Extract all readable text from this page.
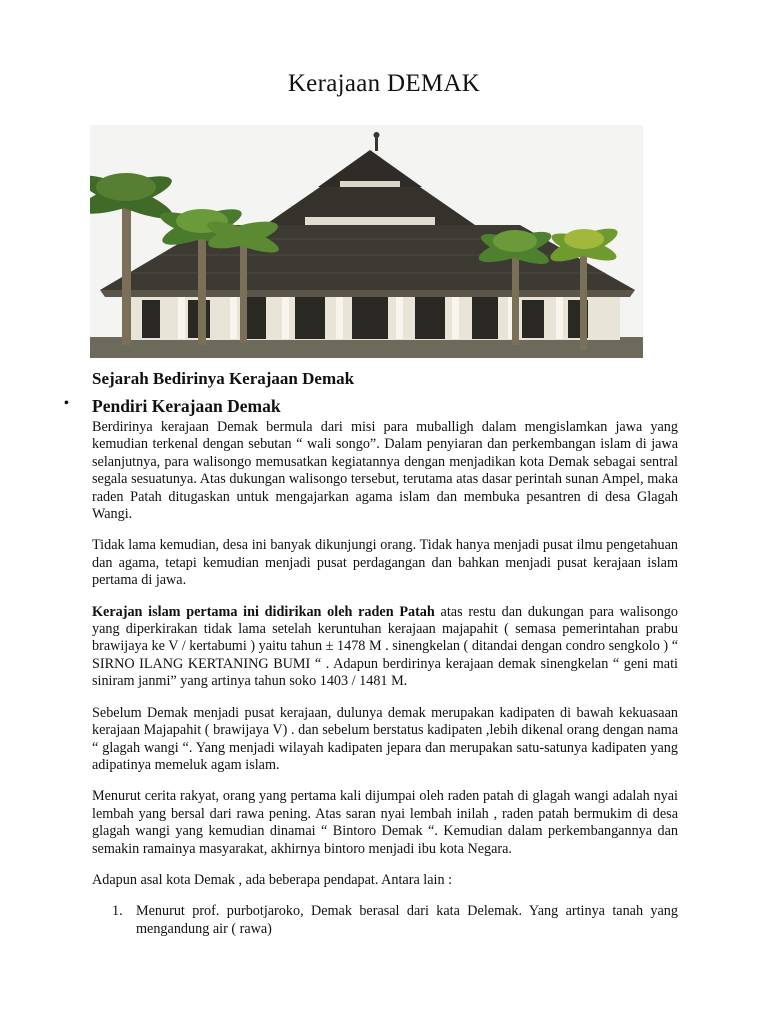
Kerajaan DEMAK
Sejarah Bedirinya Kerajaan Demak
• Pendiri Kerajaan Demak

Berdirinya kerajaan Demak bermula dari misi para muballigh dalam mengislamkan jawa yang kemudian terkenal dengan sebutan “ wali songo”. Dalam penyiaran dan perkembangan islam di jawa selanjutnya, para walisongo memusatkan kegiatannya dengan menjadikan kota Demak sebagai sentral segala sesuatunya. Atas dukungan walisongo tersebut, terutama atas dasar perintah sunan Ampel, maka raden Patah ditugaskan untuk mengajarkan agama islam dan membuka pesantren di desa Glagah Wangi.

Tidak lama kemudian, desa ini banyak dikunjungi orang. Tidak hanya menjadi pusat ilmu pengetahuan dan agama, tetapi kemudian menjadi pusat perdagangan dan bahkan menjadi pusat kerajaan islam pertama di jawa.

Kerajan islam pertama ini didirikan oleh raden Patah atas restu dan dukungan para walisongo yang diperkirakan tidak lama setelah keruntuhan kerajaan majapahit ( semasa pemerintahan prabu brawijaya ke V / kertabumi ) yaitu tahun ± 1478 M . sinengkelan ( ditandai dengan condro sengkolo ) “ SIRNO ILANG KERTANING BUMI “ . Adapun berdirinya kerajaan demak sinengkelan “ geni mati siniram janmi” yang artinya tahun soko 1403 / 1481 M.

Sebelum Demak menjadi pusat kerajaan, dulunya demak merupakan kadipaten di bawah kekuasaan kerajaan Majapahit ( brawijaya V) . dan sebelum berstatus kadipaten ,lebih dikenal orang dengan nama “ glagah wangi “. Yang menjadi wilayah kadipaten jepara dan merupakan satu-satunya kadipaten yang adipatinya memeluk agam islam.

Menurut cerita rakyat, orang yang pertama kali dijumpai oleh raden patah di glagah wangi adalah nyai lembah yang bersal dari rawa pening. Atas saran nyai lembah inilah , raden patah bermukim di desa glagah wangi yang kemudian dinamai “ Bintoro Demak “. Kemudian dalam perkembangannya dan semakin ramainya masyarakat, akhirnya bintoro menjadi ibu kota Negara.

Adapun asal kota Demak , ada beberapa pendapat. Antara lain :

1. Menurut prof. purbotjaroko, Demak berasal dari kata Delemak. Yang artinya tanah yang mengandung air ( rawa)
